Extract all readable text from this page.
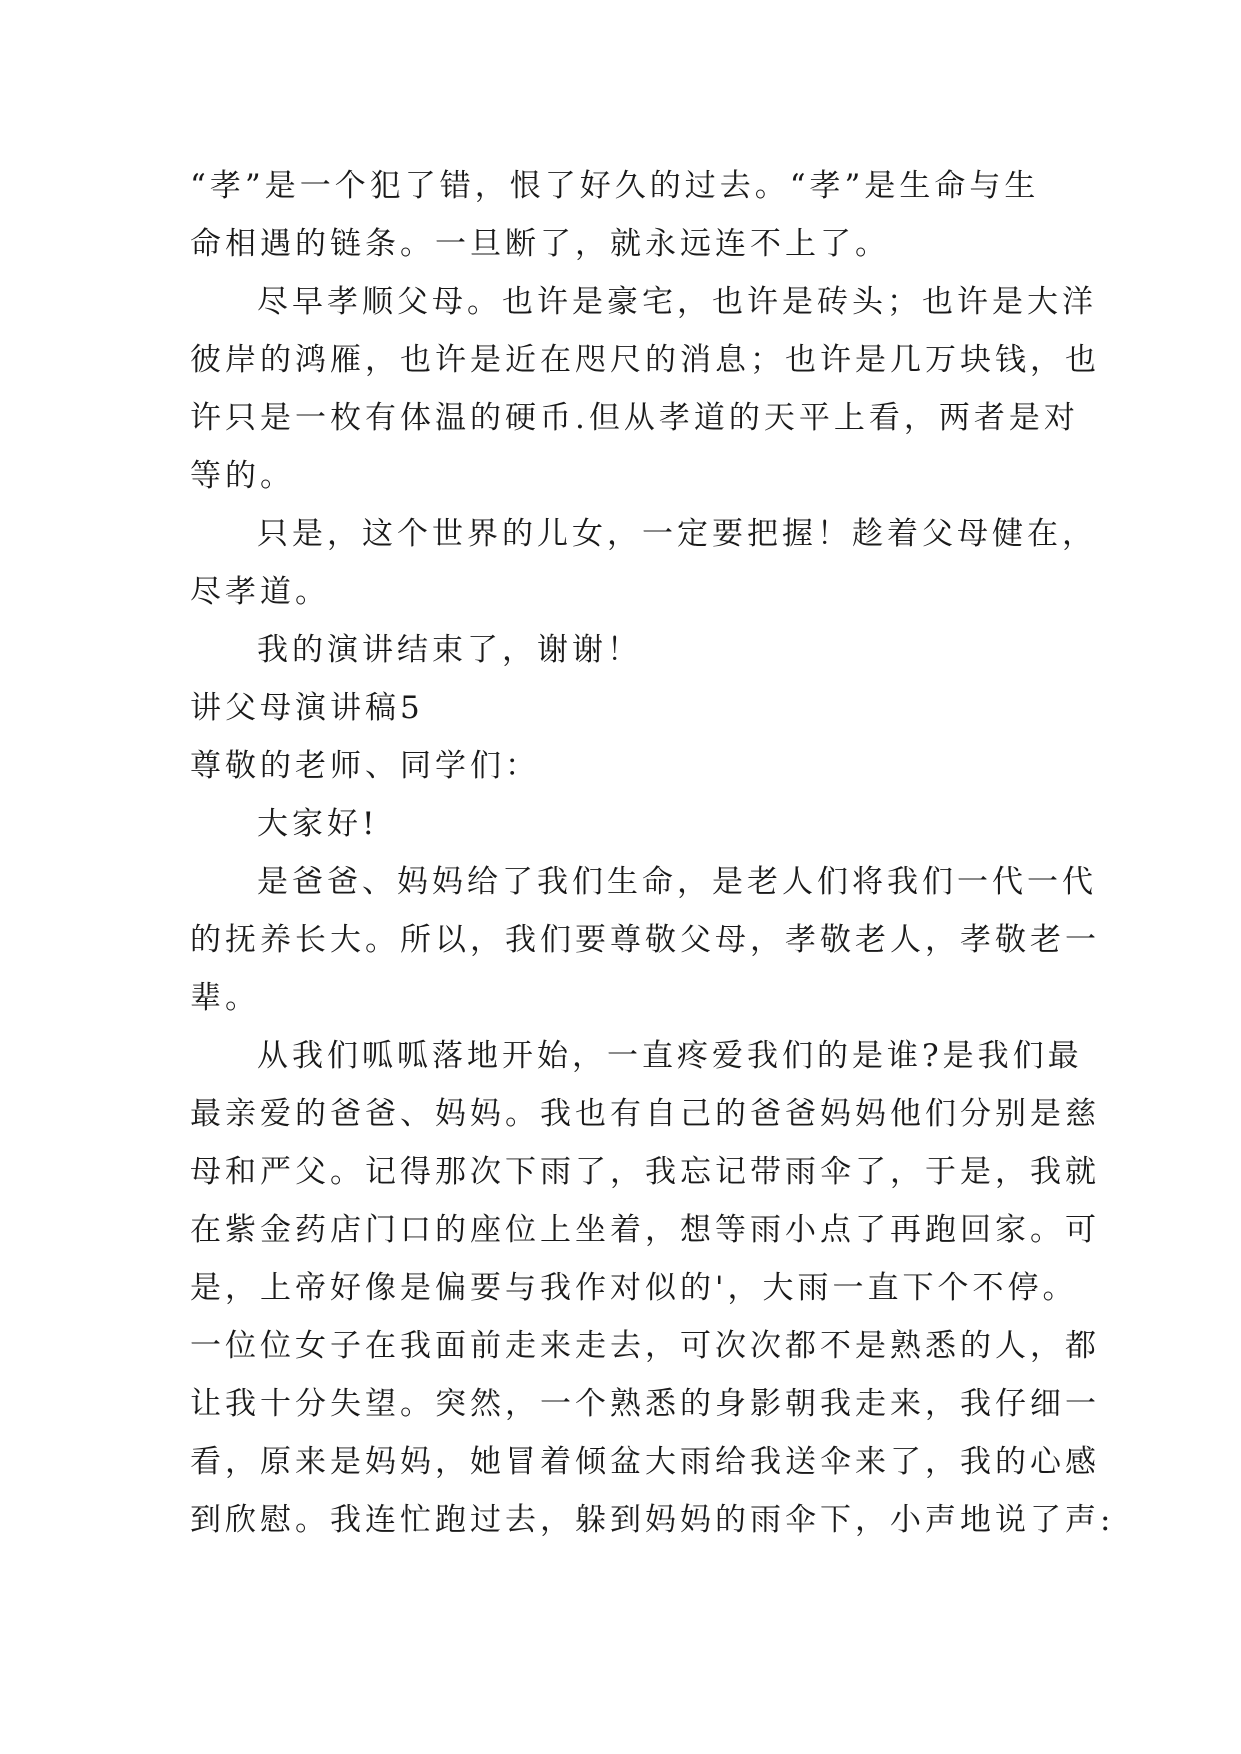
“孝”是一个犯了错，恨了好久的过去。“孝”是生命与生
命相遇的链条。一旦断了，就永远连不上了。
尽早孝顺父母。也许是豪宅，也许是砖头；也许是大洋
彼岸的鸿雁，也许是近在咫尺的消息；也许是几万块钱，也
许只是一枚有体温的硬币.但从孝道的天平上看，两者是对
等的。
只是，这个世界的儿女，一定要把握！趁着父母健在，
尽孝道。
我的演讲结束了，谢谢！
讲父母演讲稿5
尊敬的老师、同学们：
大家好!
是爸爸、妈妈给了我们生命，是老人们将我们一代一代
的抚养长大。所以，我们要尊敬父母，孝敬老人，孝敬老一
辈。
从我们呱呱落地开始，一直疼爱我们的是谁?是我们最
最亲爱的爸爸、妈妈。我也有自己的爸爸妈妈他们分别是慈
母和严父。记得那次下雨了，我忘记带雨伞了，于是，我就
在紫金药店门口的座位上坐着，想等雨小点了再跑回家。可
是，上帝好像是偏要与我作对似的'，大雨一直下个不停。
一位位女子在我面前走来走去，可次次都不是熟悉的人，都
让我十分失望。突然，一个熟悉的身影朝我走来，我仔细一
看，原来是妈妈，她冒着倾盆大雨给我送伞来了，我的心感
到欣慰。我连忙跑过去，躲到妈妈的雨伞下，小声地说了声:
